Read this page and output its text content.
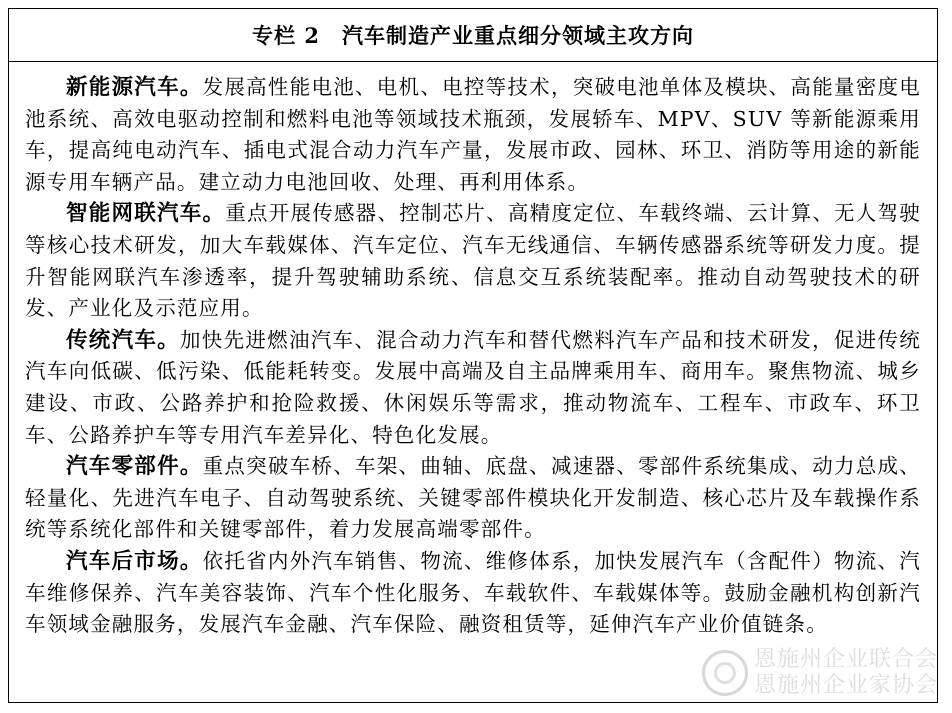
专栏 2 汽车制造产业重点细分领域主攻方向

新能源汽车。发展高性能电池、电机、电控等技术，突破电池单体及模块、高能量密度电池系统、高效电驱动控制和燃料电池等领域技术瓶颈，发展轿车、MPV、SUV 等新能源乘用车，提高纯电动汽车、插电式混合动力汽车产量，发展市政、园林、环卫、消防等用途的新能源专用车辆产品。建立动力电池回收、处理、再利用体系。

智能网联汽车。重点开展传感器、控制芯片、高精度定位、车载终端、云计算、无人驾驶等核心技术研发，加大车载媒体、汽车定位、汽车无线通信、车辆传感器系统等研发力度。提升智能网联汽车渗透率，提升驾驶辅助系统、信息交互系统装配率。推动自动驾驶技术的研发、产业化及示范应用。

传统汽车。加快先进燃油汽车、混合动力汽车和替代燃料汽车产品和技术研发，促进传统汽车向低碳、低污染、低能耗转变。发展中高端及自主品牌乘用车、商用车。聚焦物流、城乡建设、市政、公路养护和抢险救援、休闲娱乐等需求，推动物流车、工程车、市政车、环卫车、公路养护车等专用汽车差异化、特色化发展。

汽车零部件。重点突破车桥、车架、曲轴、底盘、减速器、零部件系统集成、动力总成、轻量化、先进汽车电子、自动驾驶系统、关键零部件模块化开发制造、核心芯片及车载操作系统等系统化部件和关键零部件，着力发展高端零部件。

汽车后市场。依托省内外汽车销售、物流、维修体系，加快发展汽车（含配件）物流、汽车维修保养、汽车美容装饰、汽车个性化服务、车载软件、车载媒体等。鼓励金融机构创新汽车领域金融服务，发展汽车金融、汽车保险、融资租赁等，延伸汽车产业价值链条。

恩施州企业联合会
恩施州企业家协会
